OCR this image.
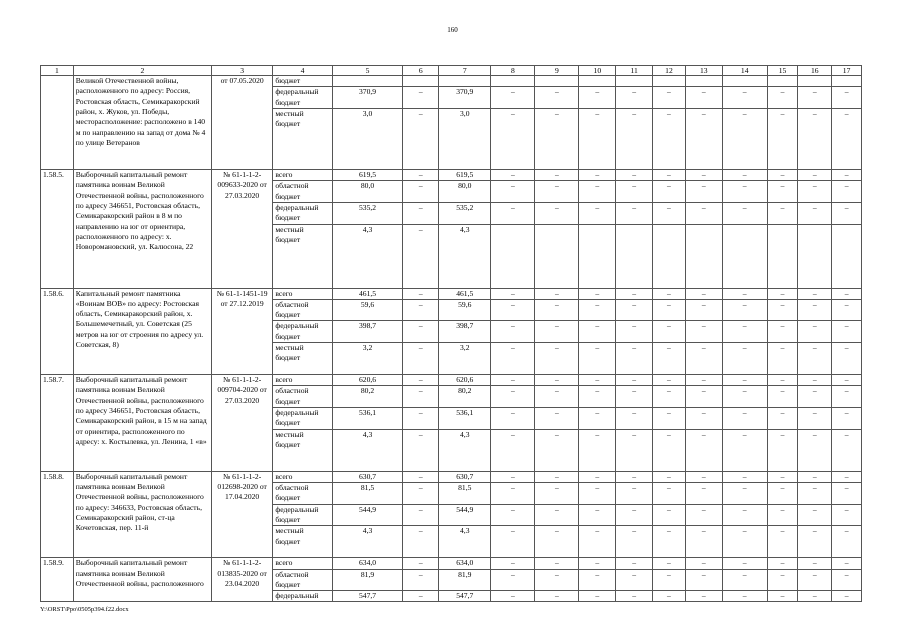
160
1	2	3	4	5	6	7	8	9	10	11	12	13	14	15	16	17
	Великой Отечественной войны, расположенного по адресу: Россия, Ростовская область, Семикаракорский район, х. Жуков, ул. Победы, месторасположение: расположено в 140 м по направлению на запад от дома № 4 по улице Ветеранов	от 07.05.2020	бюджет													
			федеральный бюджет	370,9	–	370,9	–	–	–	–	–	–	–	–	–	–
			местный бюджет	3,0	–	3,0	–	–	–	–	–	–	–	–	–	–
1.58.5.	Выборочный капитальный ремонт памятника воинам Великой Отечественной войны, расположенного по адресу 346651, Ростовская область, Семикаракорский район в 8 м по направлению на юг от ориентира, расположенного по адресу: х. Новоромановский, ул. Калюсона, 22	№ 61-1-1-2-009633-2020 от 27.03.2020	всего	619,5	–	619,5	–	–	–	–	–	–	–	–	–	–
			областной бюджет	80,0	–	80,0	–	–	–	–	–	–	–	–	–	–
			федеральный бюджет	535,2	–	535,2	–	–	–	–	–	–	–	–	–	–
			местный бюджет	4,3	–	4,3										
1.58.6.	Капитальный ремонт памятника «Воинам ВОВ» по адресу: Ростовская область, Семикаракорский район, х. Большемечетный, ул. Советская (25 метров на юг от строения по адресу ул. Советская, 8)	№ 61-1-1451-19 от 27.12.2019	всего	461,5	–	461,5	–	–	–	–	–	–	–	–	–	–
			областной бюджет	59,6	–	59,6	–	–	–	–	–	–	–	–	–	–
			федеральный бюджет	398,7	–	398,7	–	–	–	–	–	–	–	–	–	–
			местный бюджет	3,2	–	3,2	–	–	–	–	–	–	–	–	–	–
1.58.7.	Выборочный капитальный ремонт памятника воинам Великой Отечественной войны, расположенного по адресу 346651, Ростовская область, Семикаракорский район, в 15 м на запад от ориентира, расположенного по адресу: х. Костылевка, ул. Ленина, 1 «в»	№ 61-1-1-2-009704-2020 от 27.03.2020	всего	620,6	–	620,6	–	–	–	–	–	–	–	–	–	–
			областной бюджет	80,2	–	80,2	–	–	–	–	–	–	–	–	–	–
			федеральный бюджет	536,1	–	536,1	–	–	–	–	–	–	–	–	–	–
			местный бюджет	4,3	–	4,3	–	–	–	–	–	–	–	–	–	–
1.58.8.	Выборочный капитальный ремонт памятника воинам Великой Отечественной войны, расположенного по адресу: 346633, Ростовская область, Семикаракорский район, ст-ца Кочетовская, пер. 11-й	№ 61-1-1-2-012698-2020 от 17.04.2020	всего	630,7	–	630,7	–	–	–	–	–	–	–	–	–	–
			областной бюджет	81,5	–	81,5	–	–	–	–	–	–	–	–	–	–
			федеральный бюджет	544,9	–	544,9	–	–	–	–	–	–	–	–	–	–
			местный бюджет	4,3	–	4,3	–	–	–	–	–	–	–	–	–	–
1.58.9.	Выборочный капитальный ремонт памятника воинам Великой Отечественной войны, расположенного	№ 61-1-1-2-013835-2020 от 23.04.2020	всего	634,0	–	634,0	–	–	–	–	–	–	–	–	–	–
			областной бюджет	81,9	–	81,9	–	–	–	–	–	–	–	–	–	–
			федеральный	547,7	–	547,7	–	–	–	–	–	–	–	–	–	–
Y:\ORST\Ppo\0505p394.f22.docx
